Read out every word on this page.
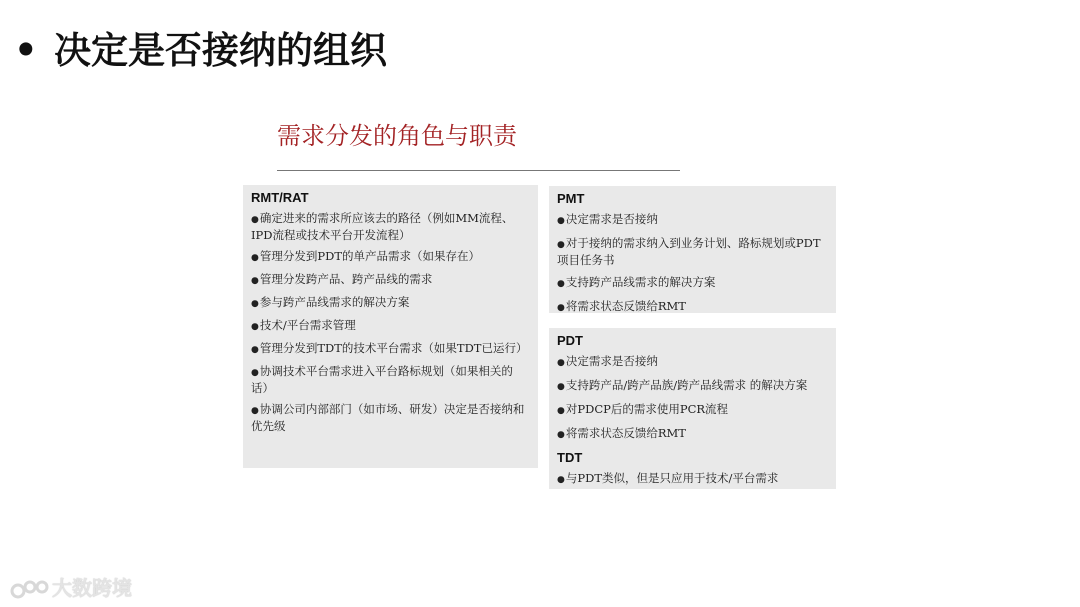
• 决定是否接纳的组织
需求分发的角色与职责
RMT/RAT
● 确定进来的需求所应该去的路径（例如MM流程、IPD流程或技术平台开发流程）
● 管理分发到PDT的单产品需求（如果存在）
● 管理分发跨产品、跨产品线的需求
● 参与跨产品线需求的解决方案
● 技术/平台需求管理
● 管理分发到TDT的技术平台需求（如果TDT已运行）
● 协调技术平台需求进入平台路标规划（如果相关的话）
● 协调公司内部部门（如市场、研发）决定是否接纳和优先级
PMT
● 决定需求是否接纳
● 对于接纳的需求纳入到业务计划、路标规划或PDT项目任务书
● 支持跨产品线需求的解决方案
● 将需求状态反馈给RMT
PDT
● 决定需求是否接纳
● 支持跨产品/跨产品族/跨产品线需求 的解决方案
● 对PDCP后的需求使用PCR流程
● 将需求状态反馈给RMT
TDT
● 与PDT类似，但是只应用于技术/平台需求
大数跨境
